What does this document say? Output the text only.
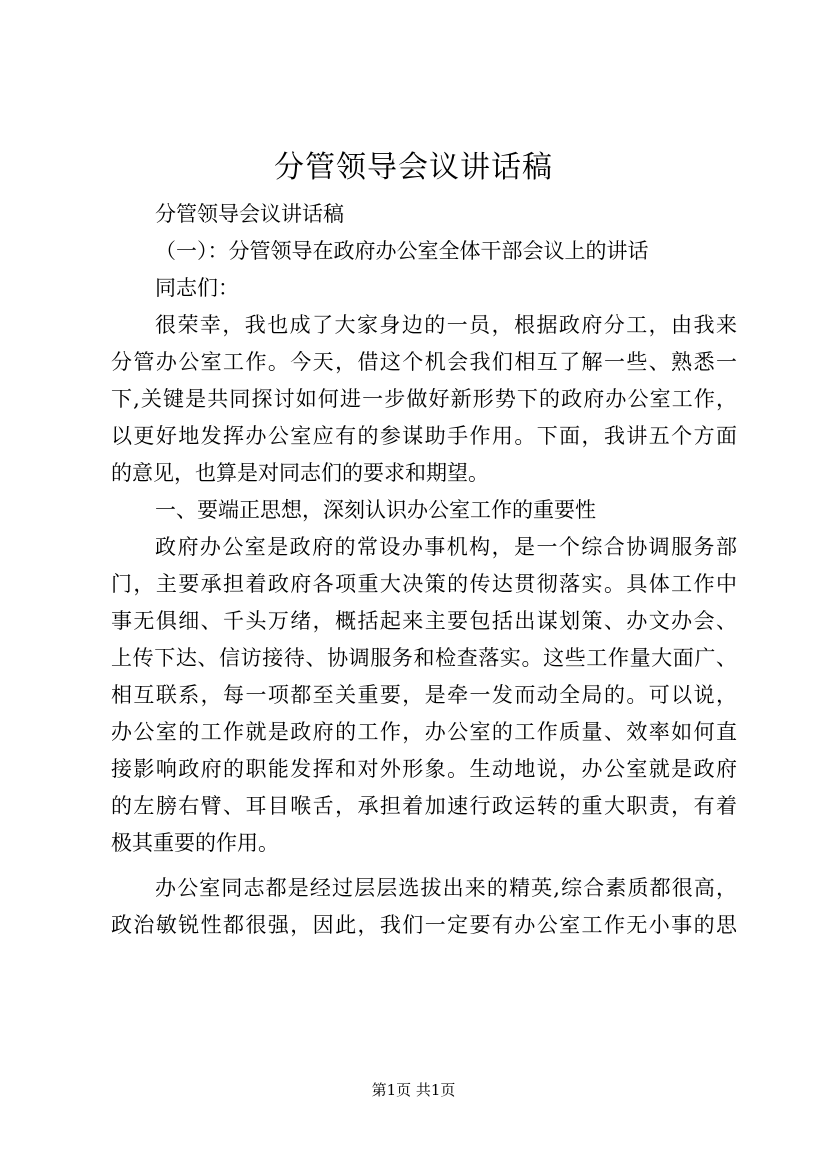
分管领导会议讲话稿
分管领导会议讲话稿
（一）：分管领导在政府办公室全体干部会议上的讲话
同志们：
很荣幸，我也成了大家身边的一员，根据政府分工，由我来
分管办公室工作。今天，借这个机会我们相互了解一些、熟悉一
下,关键是共同探讨如何进一步做好新形势下的政府办公室工作，
以更好地发挥办公室应有的参谋助手作用。下面，我讲五个方面
的意见，也算是对同志们的要求和期望。
一、要端正思想，深刻认识办公室工作的重要性
政府办公室是政府的常设办事机构，是一个综合协调服务部
门，主要承担着政府各项重大决策的传达贯彻落实。具体工作中
事无俱细、千头万绪，概括起来主要包括出谋划策、办文办会、
上传下达、信访接待、协调服务和检查落实。这些工作量大面广、
相互联系，每一项都至关重要，是牵一发而动全局的。可以说，
办公室的工作就是政府的工作，办公室的工作质量、效率如何直
接影响政府的职能发挥和对外形象。生动地说，办公室就是政府
的左膀右臂、耳目喉舌，承担着加速行政运转的重大职责，有着
极其重要的作用。
办公室同志都是经过层层选拔出来的精英,综合素质都很高，
政治敏锐性都很强，因此，我们一定要有办公室工作无小事的思
第1页 共1页
